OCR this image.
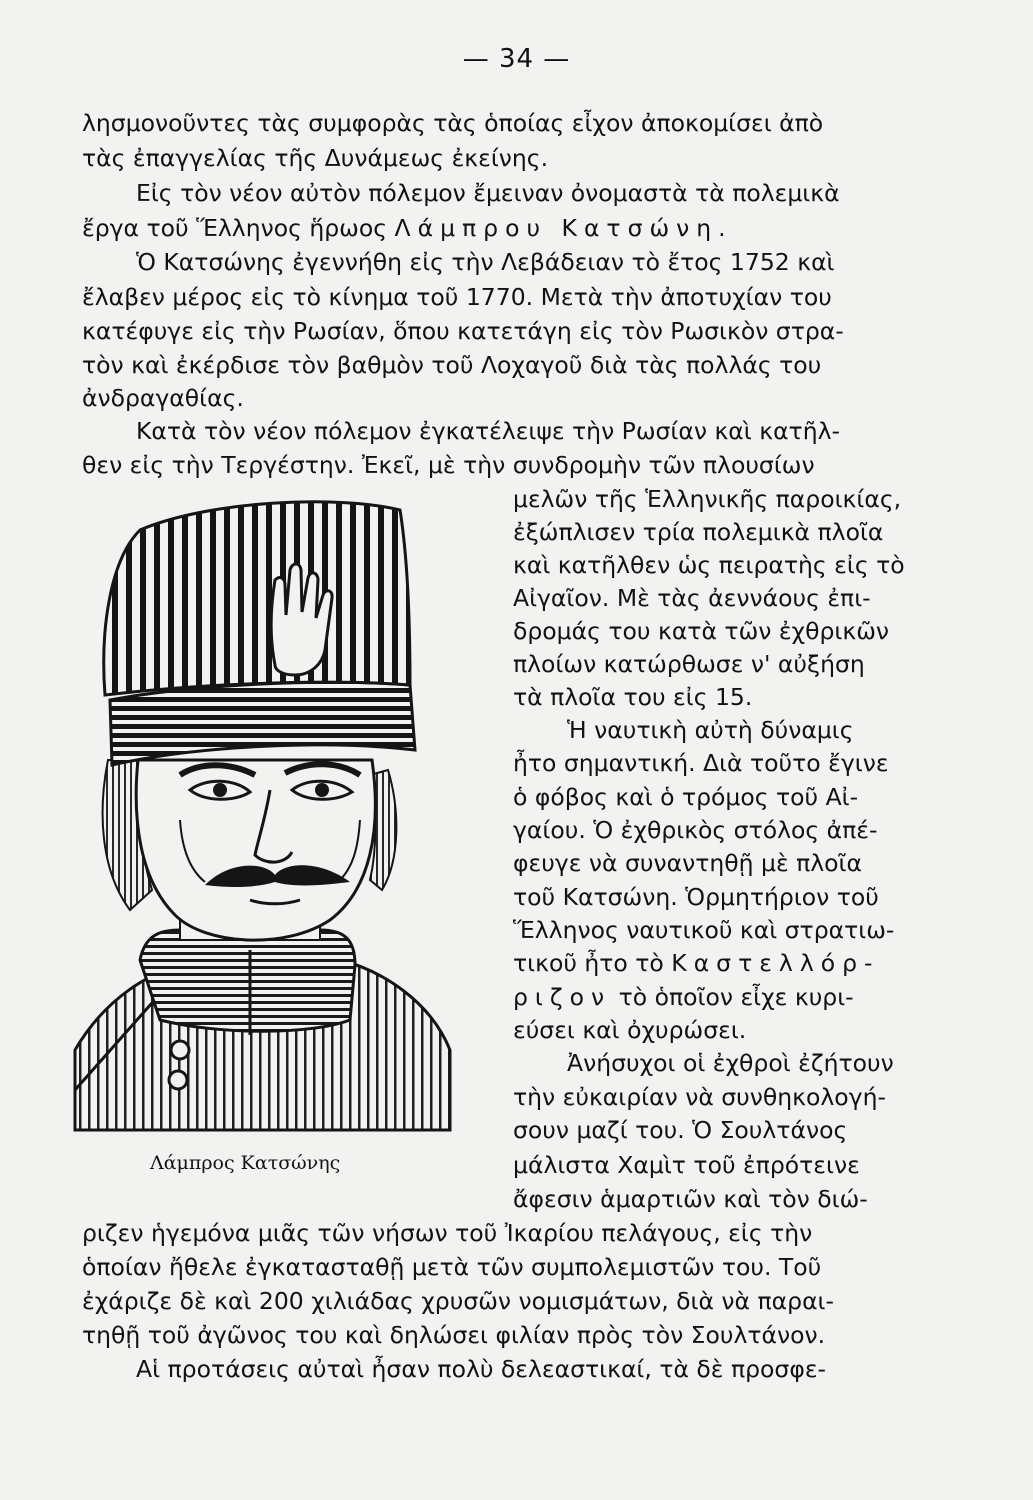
— 34 —
λησμονοῦντες τὰς συμφορὰς τὰς ὁποίας εἶχον ἀποκομίσει ἀπὸ
τὰς ἐπαγγελίας τῆς Δυνάμεως ἐκείνης.
Εἰς τὸν νέον αὐτὸν πόλεμον ἔμειναν ὀνομαστὰ τὰ πολεμικὰ
ἔργα τοῦ Ἕλληνος ἥρωος Λάμπρου Κατσώνη.
Ὁ Κατσώνης ἐγεννήθη εἰς τὴν Λεβάδειαν τὸ ἔτος 1752 καὶ
ἔλαβεν μέρος εἰς τὸ κίνημα τοῦ 1770. Μετὰ τὴν ἀποτυχίαν του
κατέφυγε εἰς τὴν Ρωσίαν, ὅπου κατετάγη εἰς τὸν Ρωσικὸν στρα-
τὸν καὶ ἐκέρδισε τὸν βαθμὸν τοῦ Λοχαγοῦ διὰ τὰς πολλάς του
ἀνδραγαθίας.
Κατὰ τὸν νέον πόλεμον ἐγκατέλειψε τὴν Ρωσίαν καὶ κατῆλ-
θεν εἰς τὴν Τεργέστην. Ἐκεῖ, μὲ τὴν συνδρομὴν τῶν πλουσίων
μελῶν τῆς Ἑλληνικῆς παροικίας,
ἐξώπλισεν τρία πολεμικὰ πλοῖα
καὶ κατῆλθεν ὡς πειρατὴς εἰς τὸ
Αἰγαῖον. Μὲ τὰς ἀεννάους ἐπι-
δρομάς του κατὰ τῶν ἐχθρικῶν
πλοίων κατώρθωσε ν' αὐξήση
τὰ πλοῖα του εἰς 15.
Ἡ ναυτικὴ αὐτὴ δύναμις
ἦτο σημαντική. Διὰ τοῦτο ἔγινε
ὁ φόβος καὶ ὁ τρόμος τοῦ Αἰ-
γαίου. Ὁ ἐχθρικὸς στόλος ἀπέ-
φευγε νὰ συναντηθῇ μὲ πλοῖα
τοῦ Κατσώνη. Ὁρμητήριον τοῦ
Ἕλληνος ναυτικοῦ καὶ στρατιω-
τικοῦ ἦτο τὸ Καστελλόρ-
ριζον τὸ ὁποῖον εἶχε κυρι-
εύσει καὶ ὀχυρώσει.
Ἀνήσυχοι οἱ ἐχθροὶ ἐζήτουν
τὴν εὐκαιρίαν νὰ συνθηκολογή-
σουν μαζί του. Ὁ Σουλτάνος
μάλιστα Χαμὶτ τοῦ ἐπρότεινε
ἄφεσιν ἁμαρτιῶν καὶ τὸν διώ-
ριζεν ἡγεμόνα μιᾶς τῶν νήσων τοῦ Ἰκαρίου πελάγους, εἰς τὴν
ὁποίαν ἤθελε ἐγκατασταθῇ μετὰ τῶν συμπολεμιστῶν του. Τοῦ
ἐχάριζε δὲ καὶ 200 χιλιάδας χρυσῶν νομισμάτων, διὰ νὰ παραι-
τηθῇ τοῦ ἀγῶνος του καὶ δηλώσει φιλίαν πρὸς τὸν Σουλτάνον.
Αἱ προτάσεις αὐταὶ ἦσαν πολὺ δελεαστικαί, τὰ δὲ προσφε-
Λάμπρος Κατσώνης
